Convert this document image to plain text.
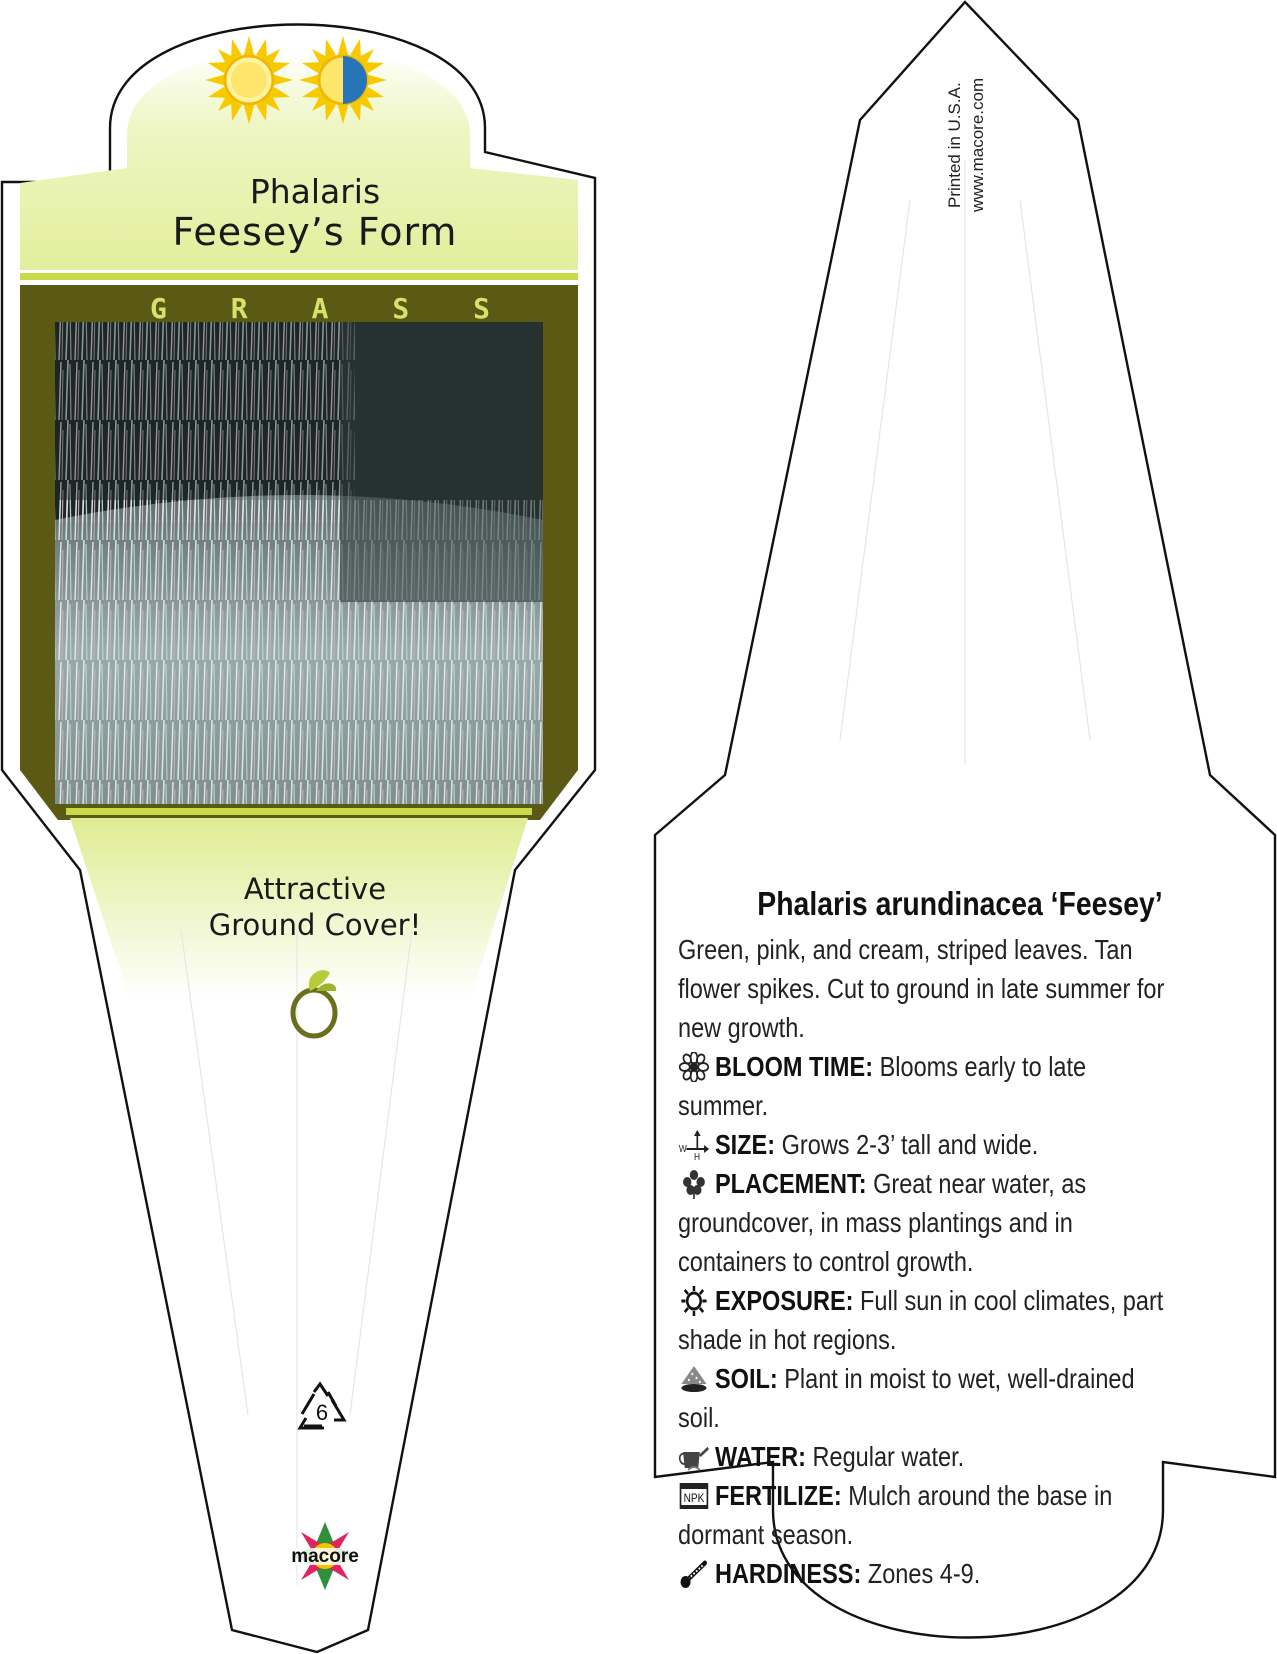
6
macore
Phalaris
Feesey’s Form
G R A S S
Attractive
Ground Cover!
Printed in U.S.A. www.macore.com
Phalaris arundinacea ‘Feesey’
Green, pink, and cream, striped leaves. Tan flower spikes. Cut to ground in late summer for new growth.
BLOOM TIME: Blooms early to late summer.
W
H SIZE: Grows 2-3’ tall and wide.
PLACEMENT: Great near water, as groundcover, in mass plantings and in containers to control growth.
EXPOSURE: Full sun in cool climates, part shade in hot regions.
SOIL: Plant in moist to wet, well-drained soil.
WATER: Regular water.
NPK FERTILIZE: Mulch around the base in dormant season.
HARDINESS: Zones 4-9.
